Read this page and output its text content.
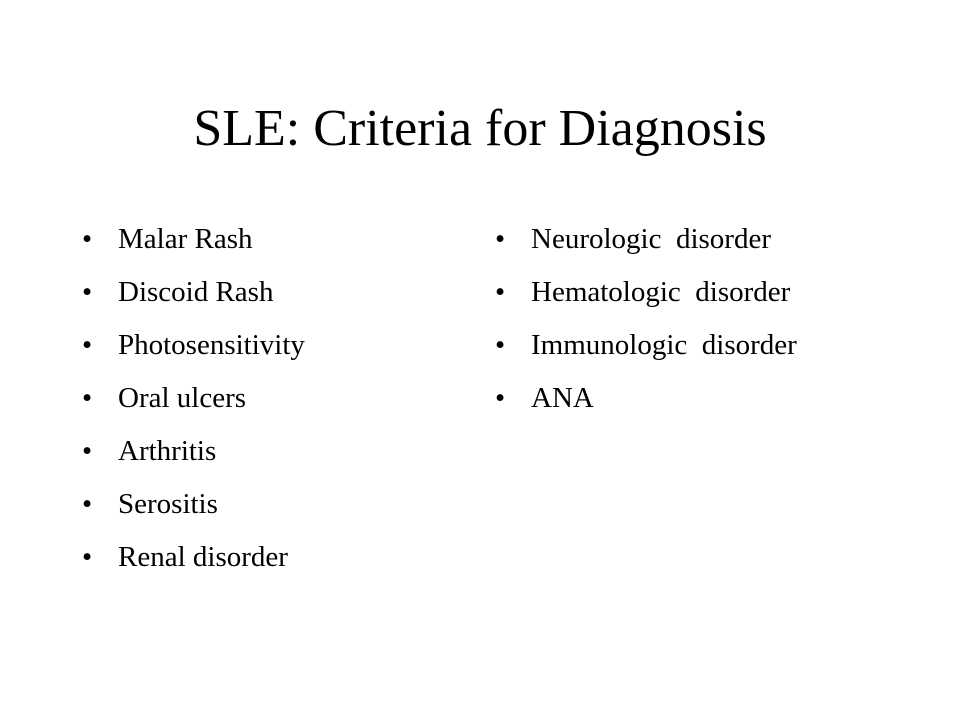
SLE: Criteria for Diagnosis
• Malar Rash
• Discoid Rash
• Photosensitivity
• Oral ulcers
• Arthritis
• Serositis
• Renal disorder
• Neurologic  disorder
• Hematologic  disorder
• Immunologic  disorder
• ANA
